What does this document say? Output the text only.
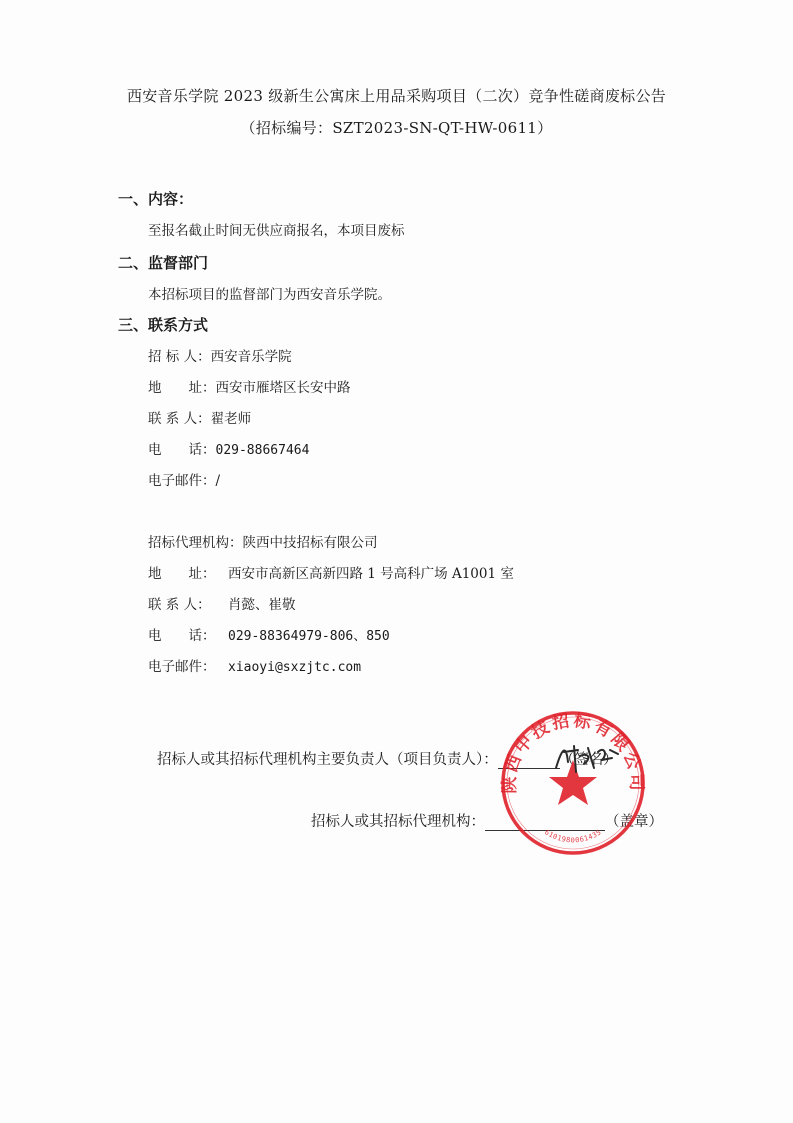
西安音乐学院 2023 级新生公寓床上用品采购项目（二次）竞争性磋商废标公告
（招标编号：SZT2023-SN-QT-HW-0611）
一、内容：
至报名截止时间无供应商报名，本项目废标
二、监督部门
本招标项目的监督部门为西安音乐学院。
三、联系方式
招 标 人：西安音乐学院
地　　址：西安市雁塔区长安中路
联 系 人：翟老师
电　　话：029-88667464
电子邮件：/
招标代理机构：陕西中技招标有限公司
地　　址： 西安市高新区高新四路 1 号高科广场 A1001 室
联 系 人： 肖懿、崔敬
电　　话： 029-88364979-806、850
电子邮件： xiaoyi@sxzjtc.com
招标人或其招标代理机构主要负责人（项目负责人）：	（签名）
招标人或其招标代理机构：	（盖章）
陕西中技招标有限公司
6101980061435
